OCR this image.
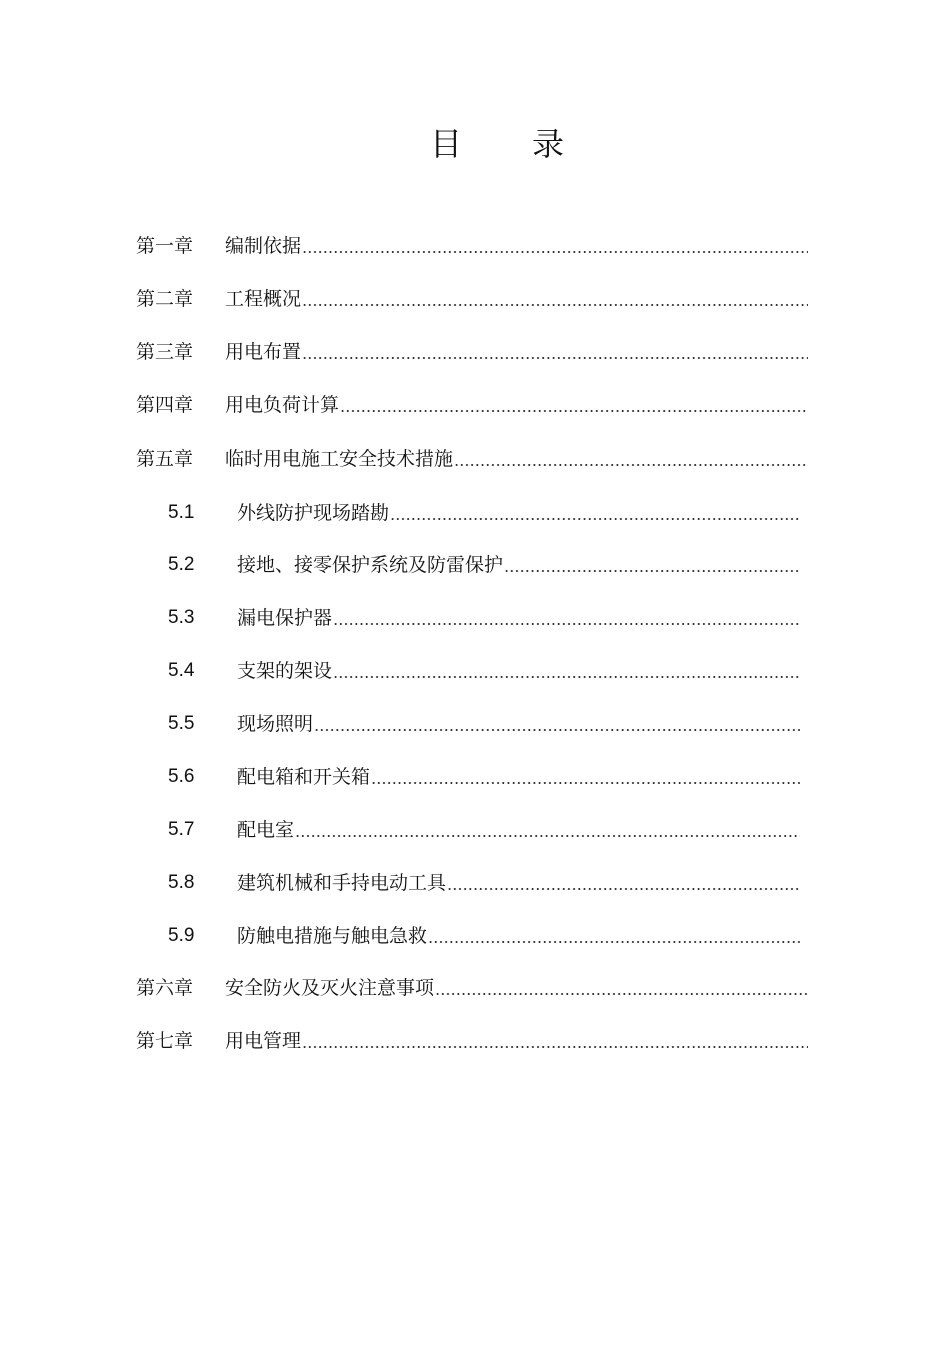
目 录
第一章	编制依据
第二章	工程概况
第三章	用电布置
第四章	用电负荷计算
第五章	临时用电施工安全技术措施
5.1	外线防护现场踏勘
5.2	接地、接零保护系统及防雷保护
5.3	漏电保护器
5.4	支架的架设
5.5	现场照明
5.6	配电箱和开关箱
5.7	配电室
5.8	建筑机械和手持电动工具
5.9	防触电措施与触电急救
第六章	安全防火及灭火注意事项
第七章	用电管理
